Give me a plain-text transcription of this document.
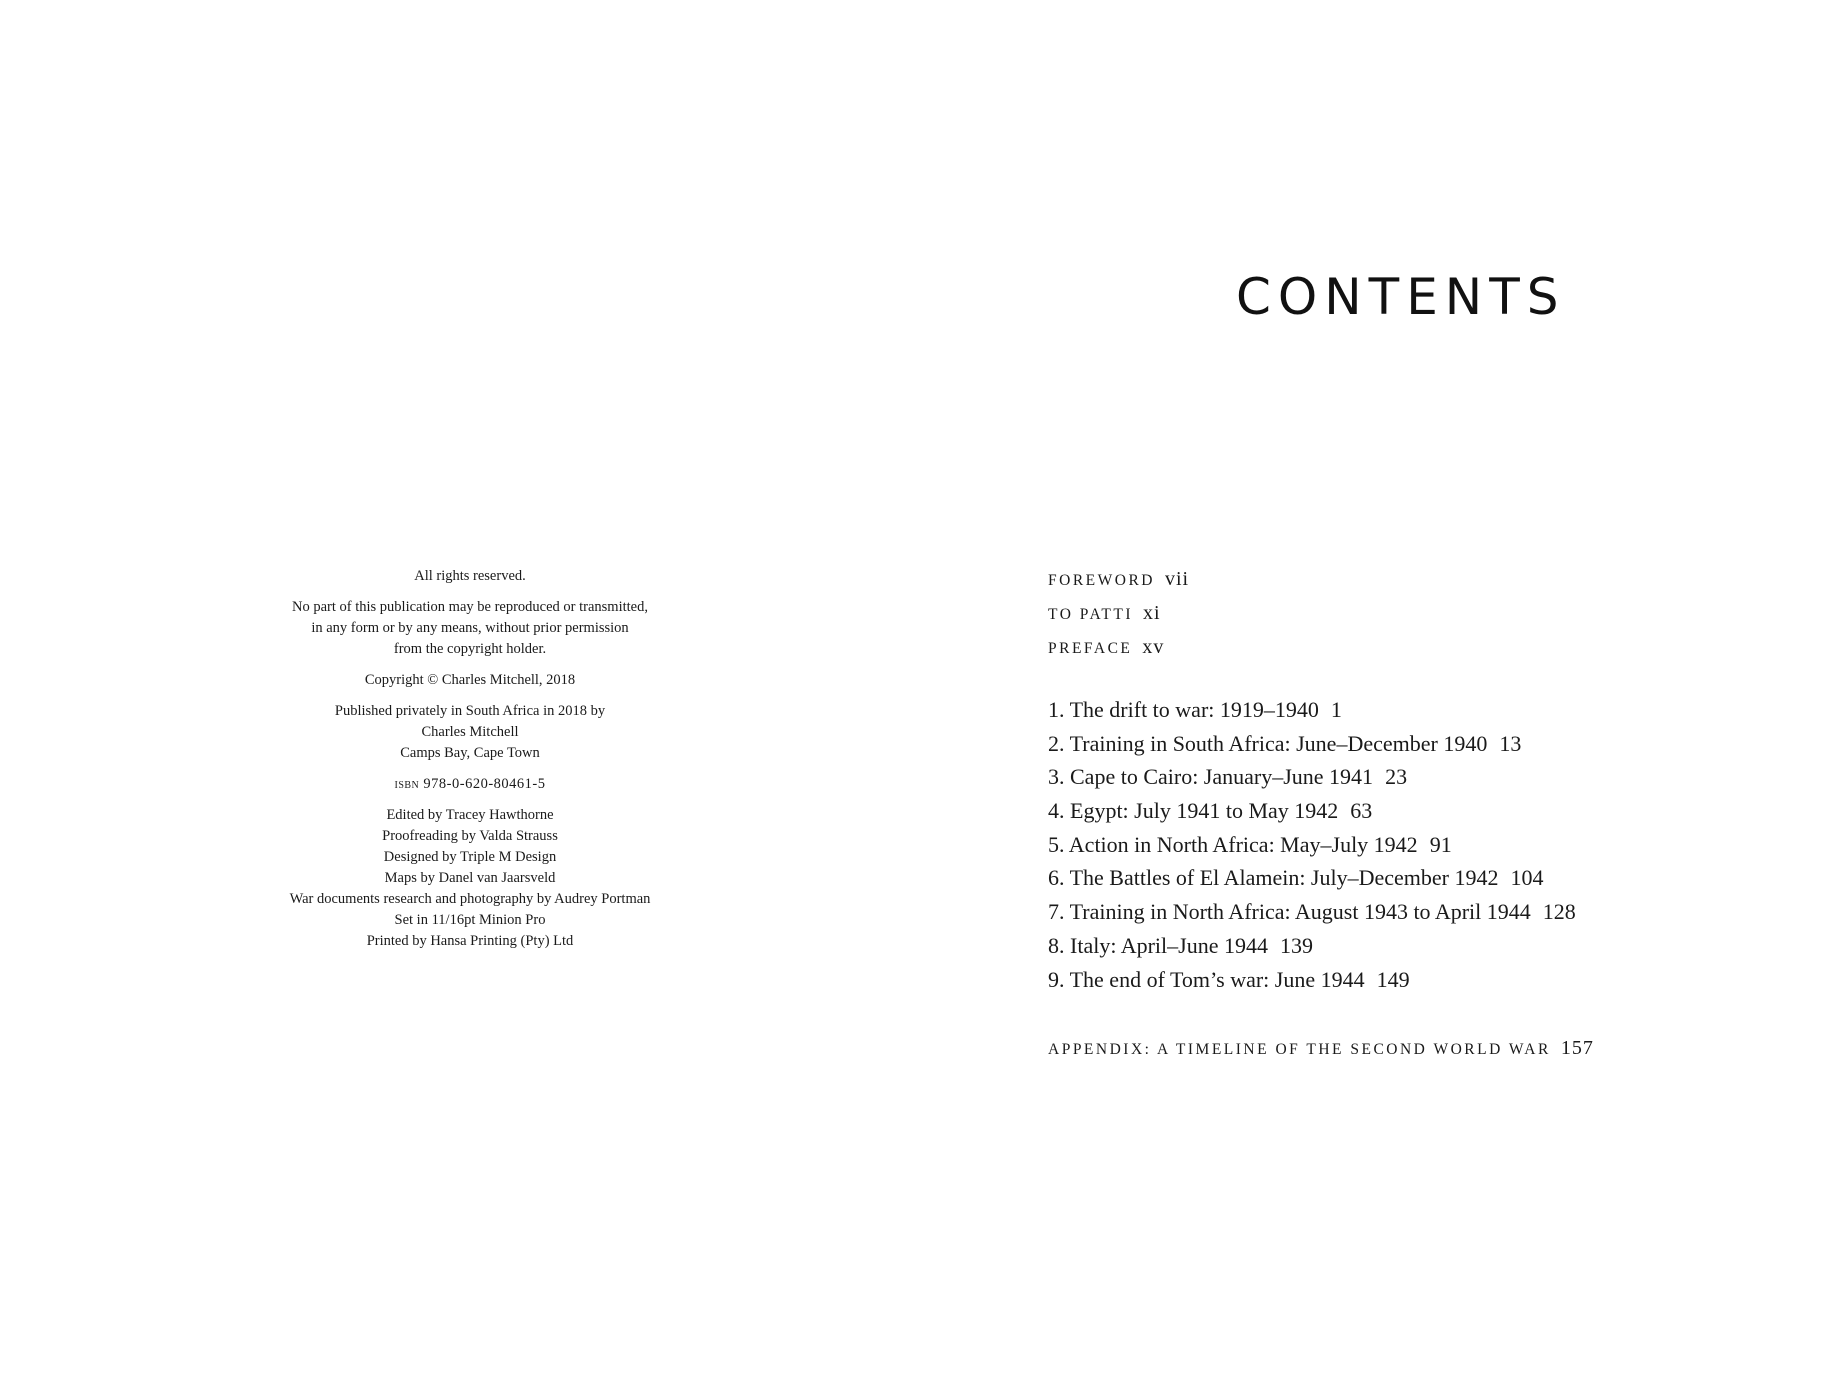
All rights reserved.
No part of this publication may be reproduced or transmitted,
in any form or by any means, without prior permission
from the copyright holder.
Copyright © Charles Mitchell, 2018
Published privately in South Africa in 2018 by
Charles Mitchell
Camps Bay, Cape Town
isbn 978-0-620-80461-5
Edited by Tracey Hawthorne
Proofreading by Valda Strauss
Designed by Triple M Design
Maps by Danel van Jaarsveld
War documents research and photography by Audrey Portman
Set in 11/16pt Minion Pro
Printed by Hansa Printing (Pty) Ltd
CONTENTS
FOREWORD vii
TO PATTI xi
PREFACE xv
1. The drift to war: 1919–1940 1
2. Training in South Africa: June–December 1940 13
3. Cape to Cairo: January–June 1941 23
4. Egypt: July 1941 to May 1942 63
5. Action in North Africa: May–July 1942 91
6. The Battles of El Alamein: July–December 1942 104
7. Training in North Africa: August 1943 to April 1944 128
8. Italy: April–June 1944 139
9. The end of Tom’s war: June 1944 149
APPENDIX: A TIMELINE OF THE SECOND WORLD WAR 157
